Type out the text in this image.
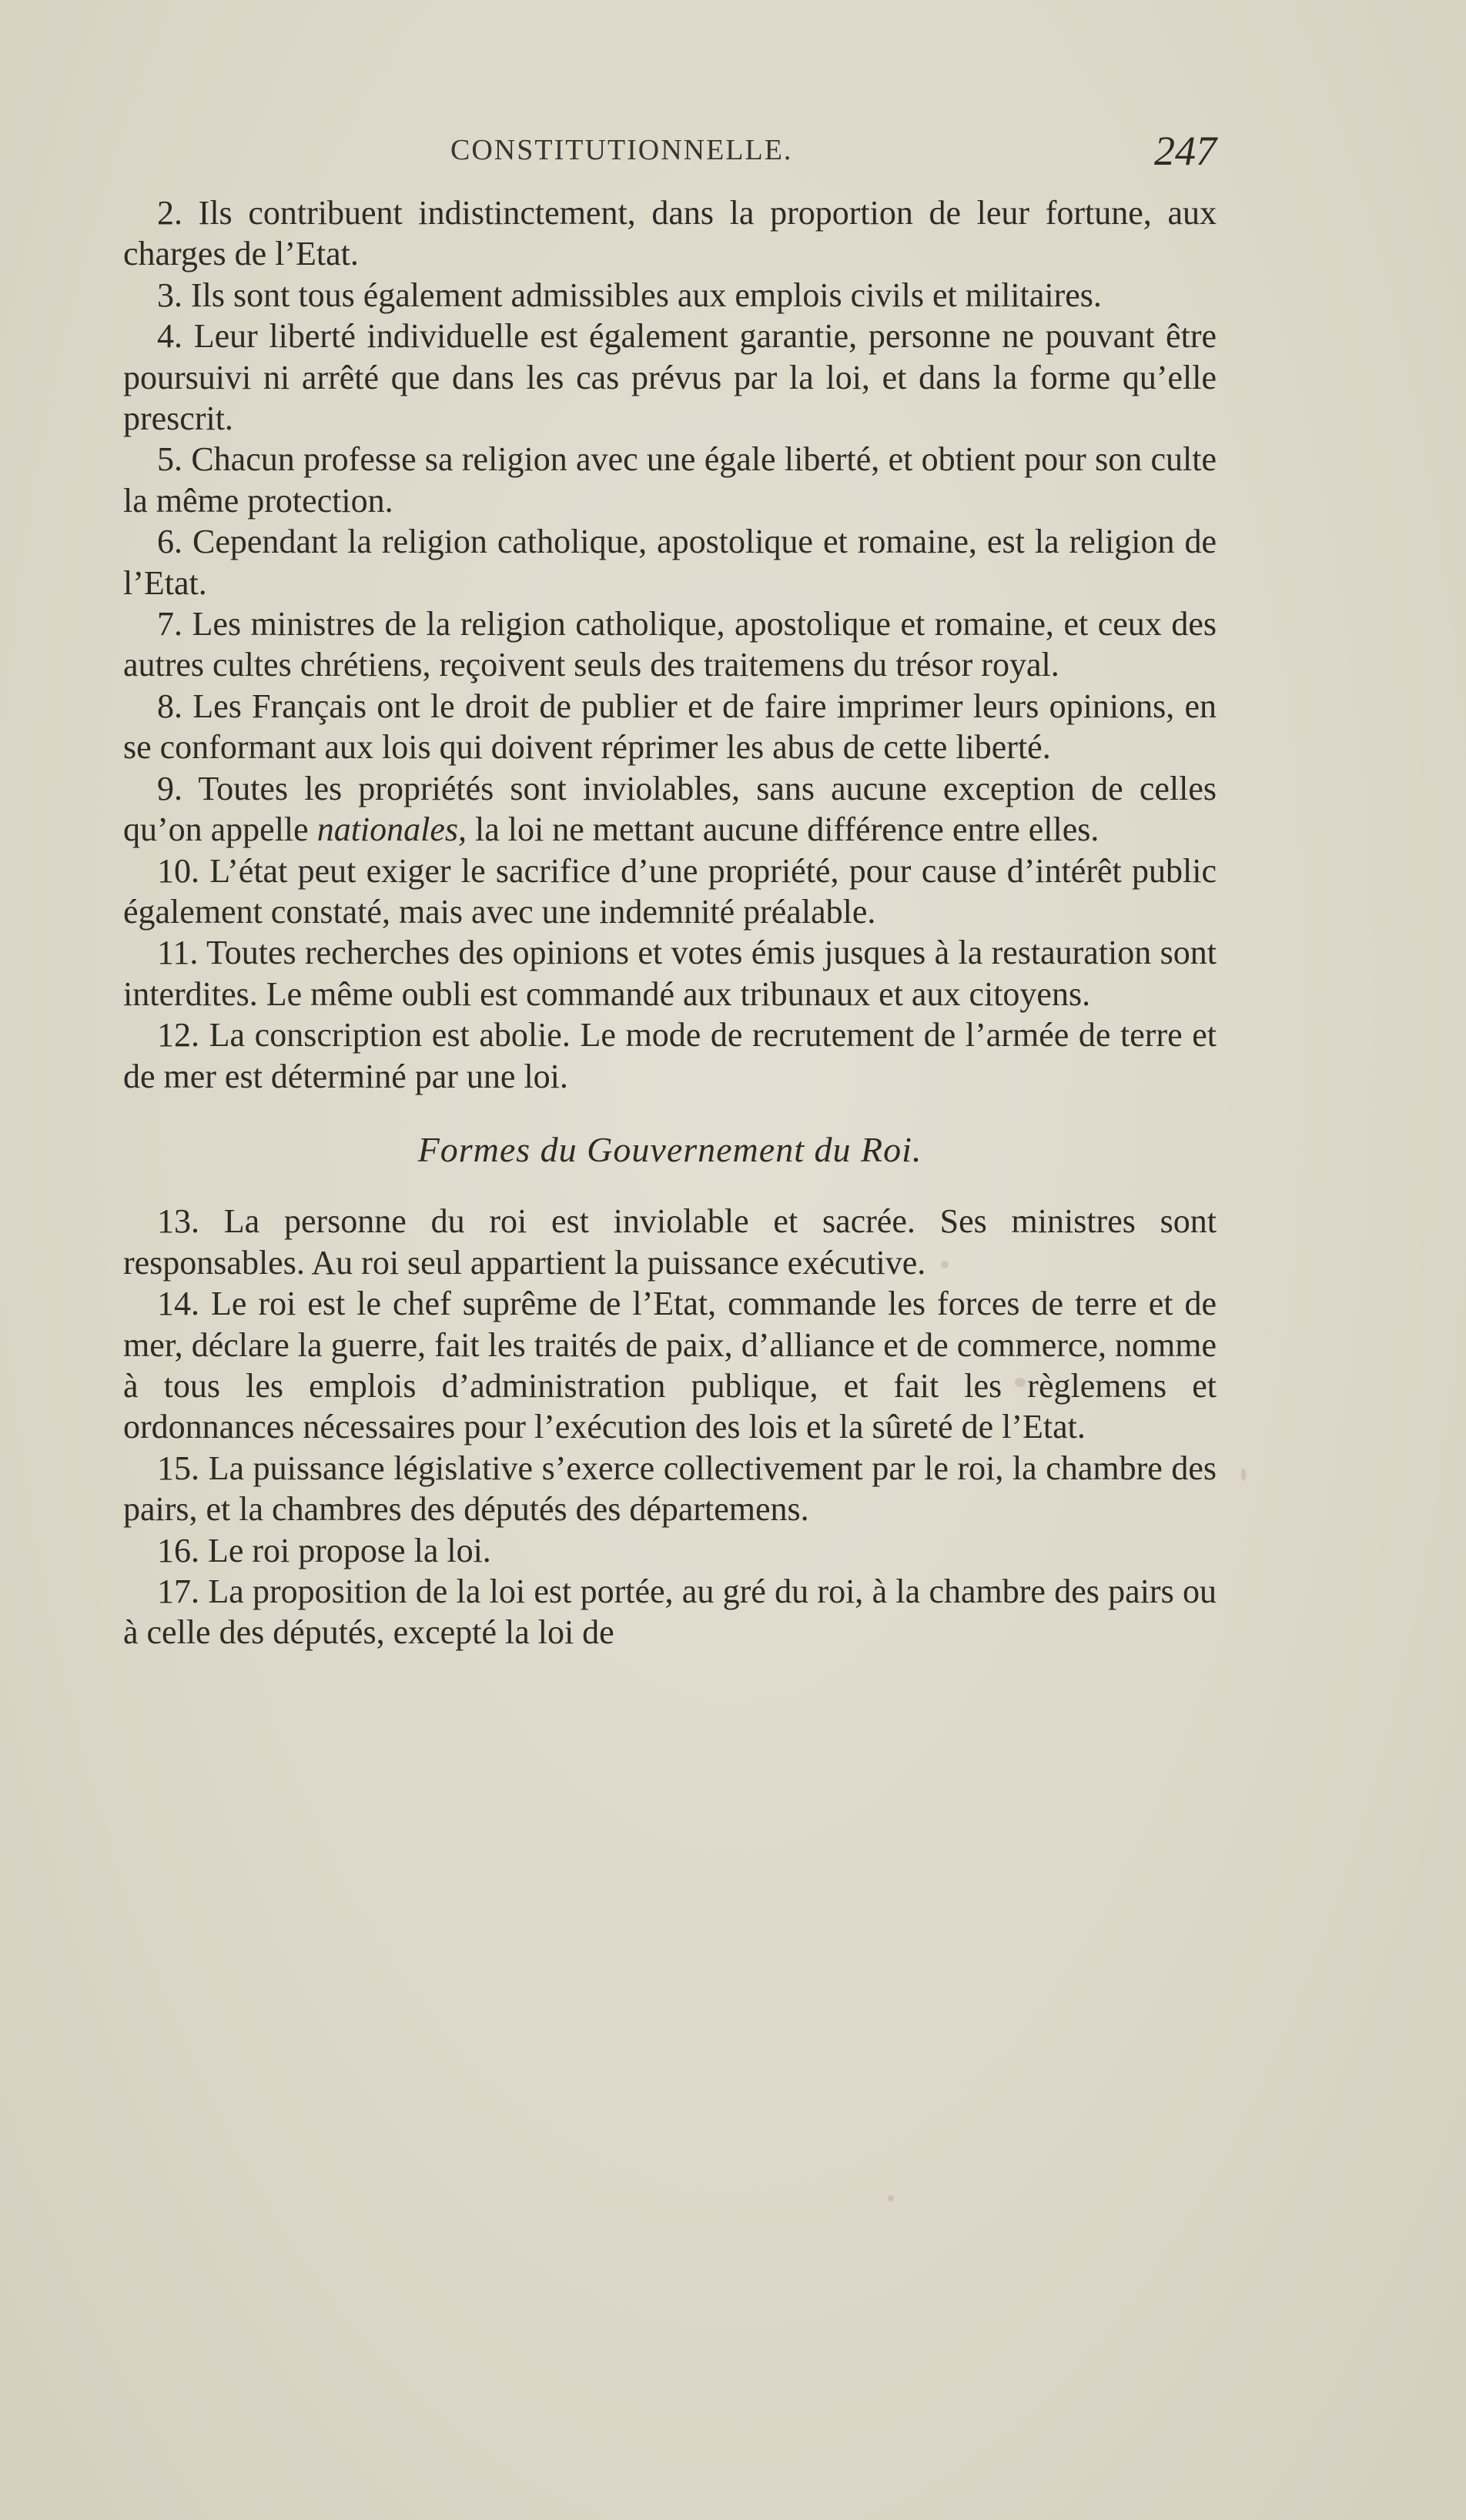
CONSTITUTIONNELLE.	247

 2. Ils contribuent indistinctement, dans la proportion de leur fortune, aux charges de l’Etat.

 3. Ils sont tous également admissibles aux emplois civils et militaires.

 4. Leur liberté individuelle est également garantie, personne ne pouvant être poursuivi ni arrêté que dans les cas prévus par la loi, et dans la forme qu’elle prescrit.

 5. Chacun professe sa religion avec une égale liberté, et obtient pour son culte la même protection.

 6. Cependant la religion catholique, apostolique et romaine, est la religion de l’Etat.

 7. Les ministres de la religion catholique, apostolique et romaine, et ceux des autres cultes chrétiens, reçoivent seuls des traitemens du trésor royal.

 8. Les Français ont le droit de publier et de faire imprimer leurs opinions, en se conformant aux lois qui doivent réprimer les abus de cette liberté.

 9. Toutes les propriétés sont inviolables, sans aucune exception de celles qu’on appelle nationales, la loi ne mettant aucune différence entre elles.

 10. L’état peut exiger le sacrifice d’une propriété, pour cause d’intérêt public également constaté, mais avec une indemnité préalable.

 11. Toutes recherches des opinions et votes émis jusques à la restauration sont interdites. Le même oubli est commandé aux tribunaux et aux citoyens.

 12. La conscription est abolie. Le mode de recrutement de l’armée de terre et de mer est déterminé par une loi.

Formes du Gouvernement du Roi.

 13. La personne du roi est inviolable et sacrée. Ses ministres sont responsables. Au roi seul appartient la puissance exécutive.

 14. Le roi est le chef suprême de l’Etat, commande les forces de terre et de mer, déclare la guerre, fait les traités de paix, d’alliance et de commerce, nomme à tous les emplois d’administration publique, et fait les règlemens et ordonnances nécessaires pour l’exécution des lois et la sûreté de l’Etat.

 15. La puissance législative s’exerce collectivement par le roi, la chambre des pairs, et la chambres des députés des départemens.

 16. Le roi propose la loi.

 17. La proposition de la loi est portée, au gré du roi, à la chambre des pairs ou à celle des députés, excepté la loi de
